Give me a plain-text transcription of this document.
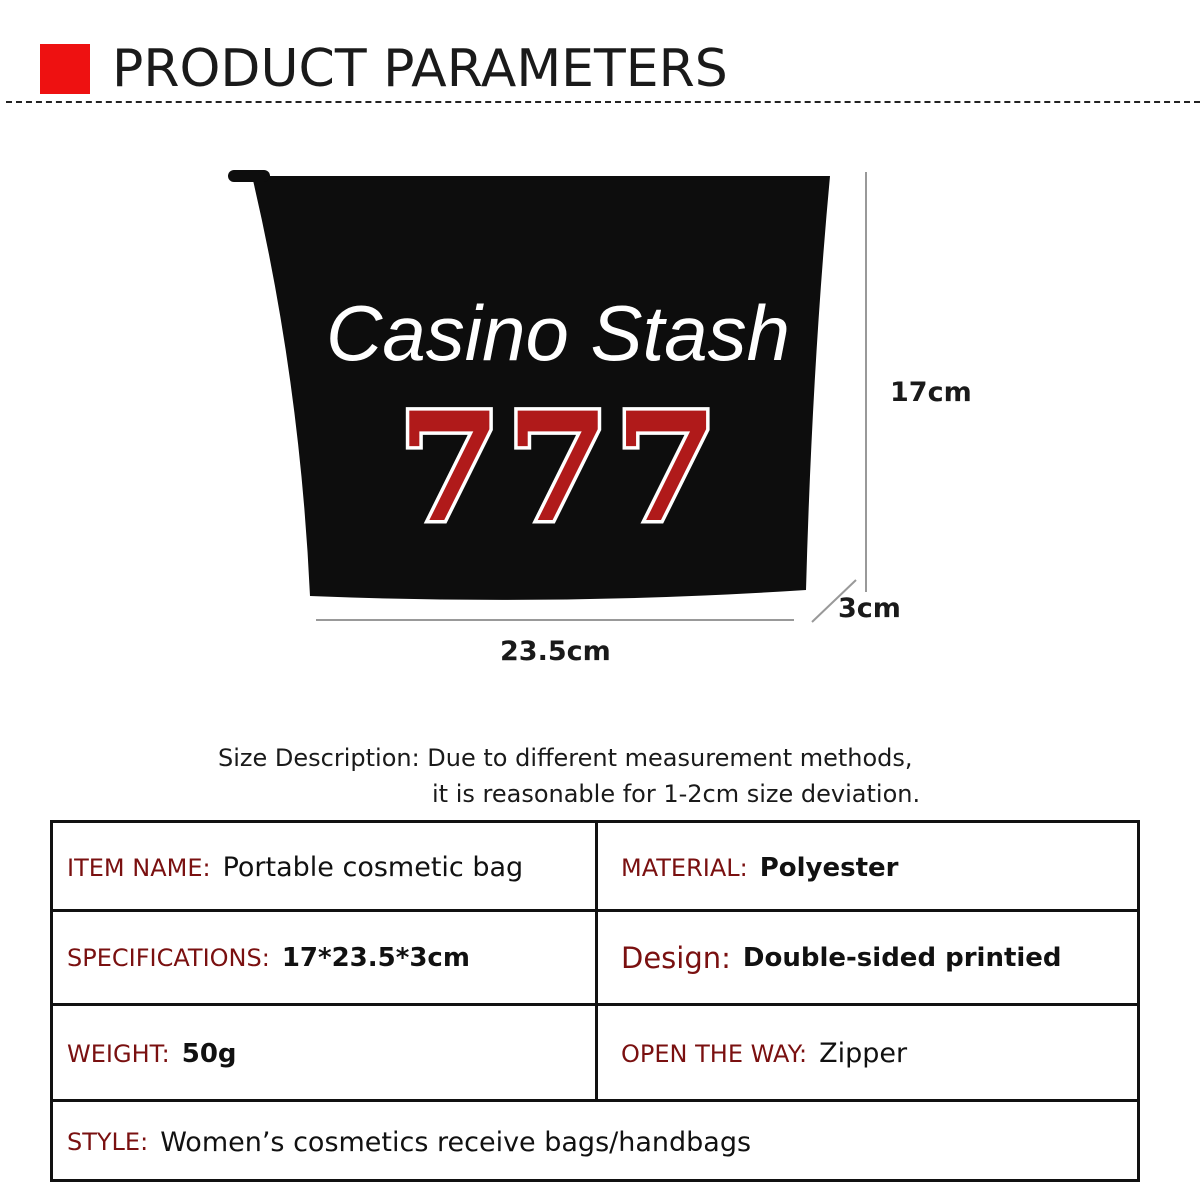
PRODUCT PARAMETERS
Casino Stash
777	17cm
3cm
23.5cm
Size Description: Due to different measurement methods,
it is reasonable for 1-2cm size deviation.
ITEM NAME: Portable cosmetic bag	MATERIAL: Polyester
SPECIFICATIONS: 17*23.5*3cm	Design: Double-sided printied
WEIGHT: 50g	OPEN THE WAY: Zipper
STYLE: Women’s cosmetics receive bags/handbags
